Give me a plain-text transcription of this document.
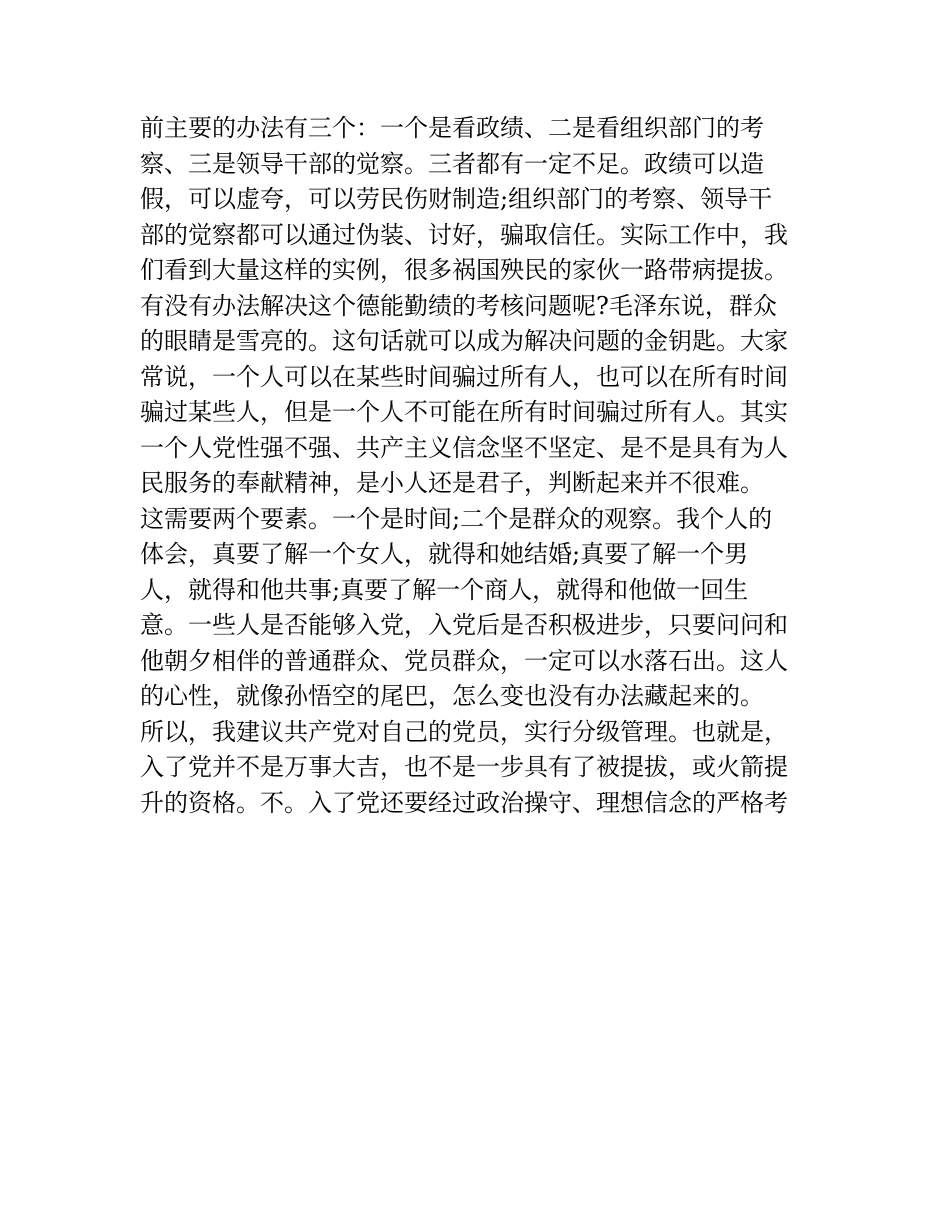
前主要的办法有三个：一个是看政绩、二是看组织部门的考
察、三是领导干部的觉察。三者都有一定不足。政绩可以造
假，可以虚夸，可以劳民伤财制造;组织部门的考察、领导干
部的觉察都可以通过伪装、讨好，骗取信任。实际工作中，我
们看到大量这样的实例，很多祸国殃民的家伙一路带病提拔。
有没有办法解决这个德能勤绩的考核问题呢?毛泽东说，群众
的眼睛是雪亮的。这句话就可以成为解决问题的金钥匙。大家
常说，一个人可以在某些时间骗过所有人，也可以在所有时间
骗过某些人，但是一个人不可能在所有时间骗过所有人。其实
一个人党性强不强、共产主义信念坚不坚定、是不是具有为人
民服务的奉献精神，是小人还是君子，判断起来并不很难。
这需要两个要素。一个是时间;二个是群众的观察。我个人的
体会，真要了解一个女人，就得和她结婚;真要了解一个男
人，就得和他共事;真要了解一个商人，就得和他做一回生
意。一些人是否能够入党，入党后是否积极进步，只要问问和
他朝夕相伴的普通群众、党员群众，一定可以水落石出。这人
的心性，就像孙悟空的尾巴，怎么变也没有办法藏起来的。
所以，我建议共产党对自己的党员，实行分级管理。也就是，
入了党并不是万事大吉，也不是一步具有了被提拔，或火箭提
升的资格。不。入了党还要经过政治操守、理想信念的严格考
